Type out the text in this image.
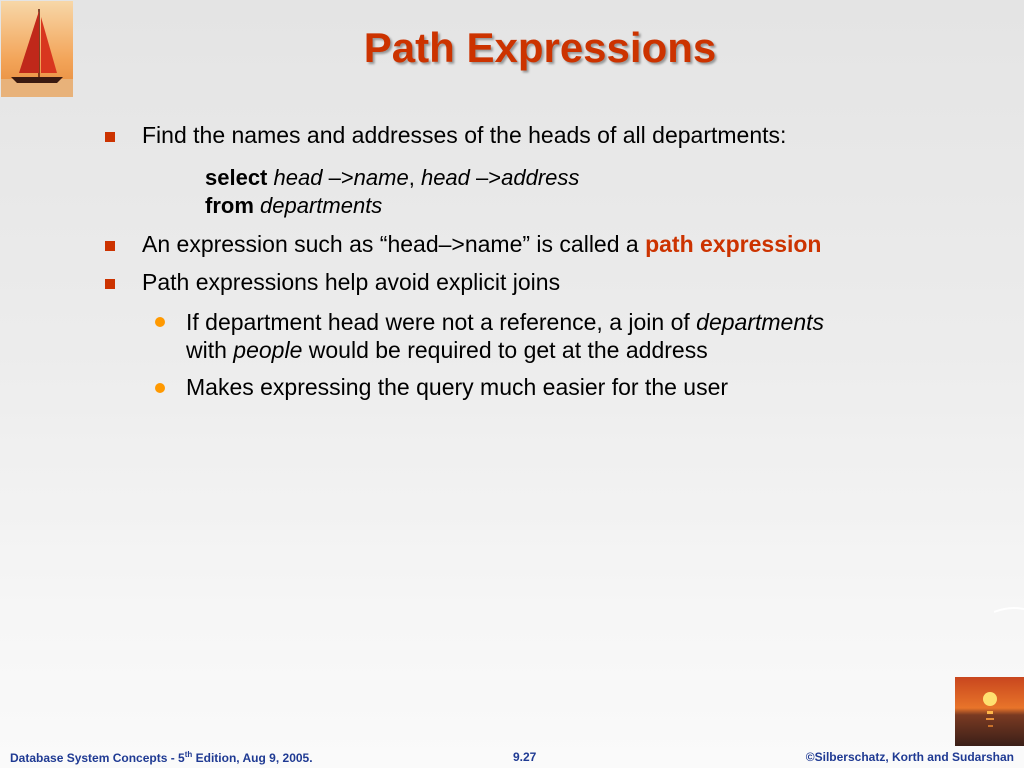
Path Expressions
Find the names and addresses of the heads of all departments:
select head –>name, head –>address
from departments
An expression such as “head–>name” is called a path expression
Path expressions help avoid explicit joins
If department head were not a reference, a join of departments
with people would be required to get at the address
Makes expressing the query much easier for the user
Database System Concepts - 5th Edition, Aug 9, 2005.	9.27	©Silberschatz, Korth and Sudarshan
